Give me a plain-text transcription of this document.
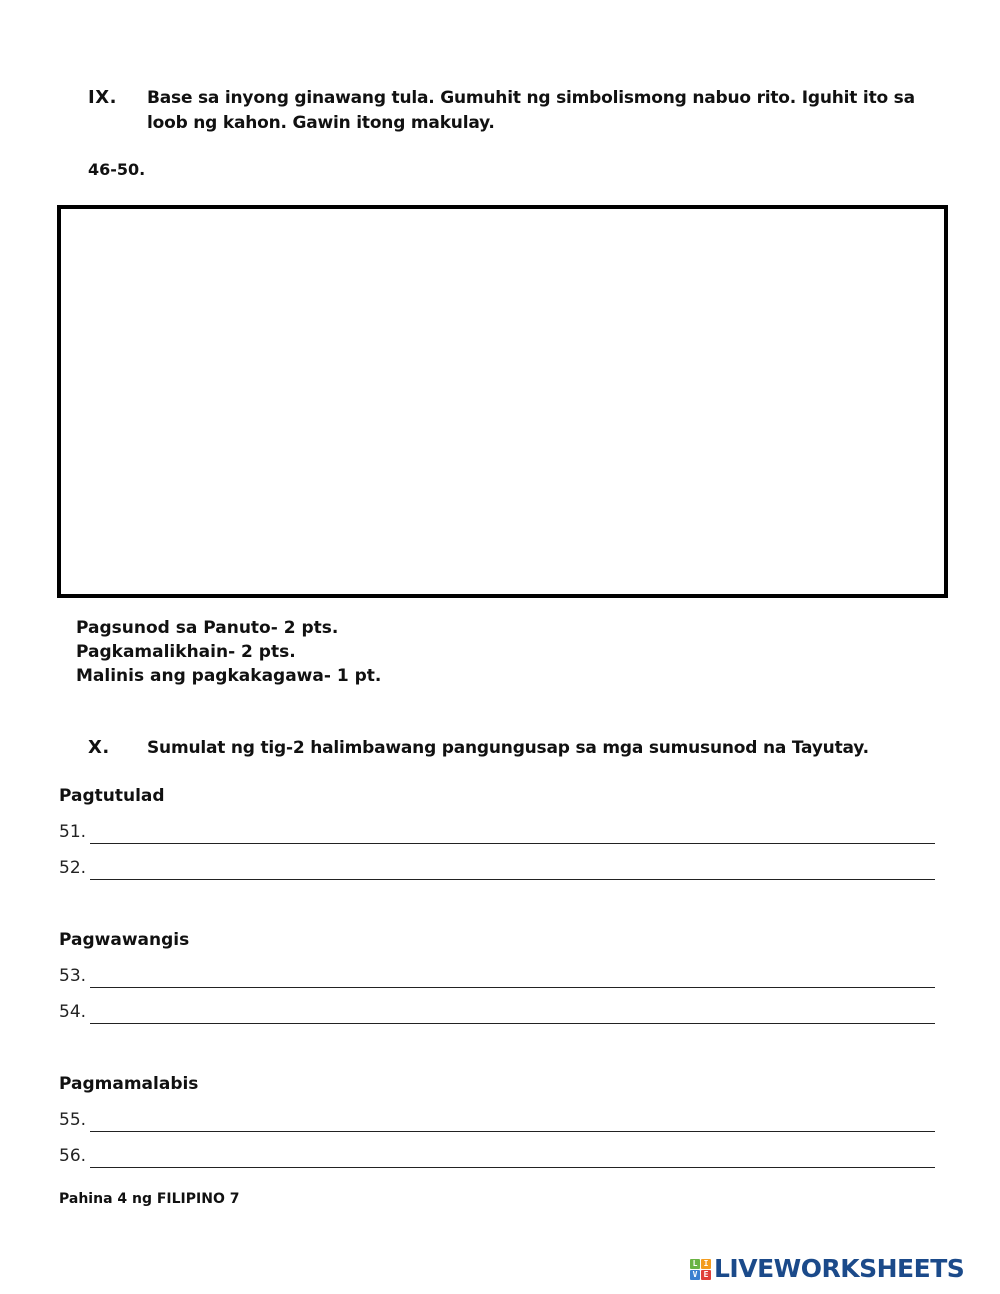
IX. Base sa inyong ginawang tula. Gumuhit ng simbolismong nabuo rito. Iguhit ito sa
loob ng kahon. Gawin itong makulay.
46-50.
Pagsunod sa Panuto- 2 pts.
Pagkamalikhain- 2 pts.
Malinis ang pagkakagawa- 1 pt.
X. Sumulat ng tig-2 halimbawang pangungusap sa mga sumusunod na Tayutay.
Pagtutulad
51.
52.
Pagwawangis
53.
54.
Pagmamalabis
55.
56.
Pahina 4 ng FILIPINO 7
L I
V E LIVEWORKSHEETS
